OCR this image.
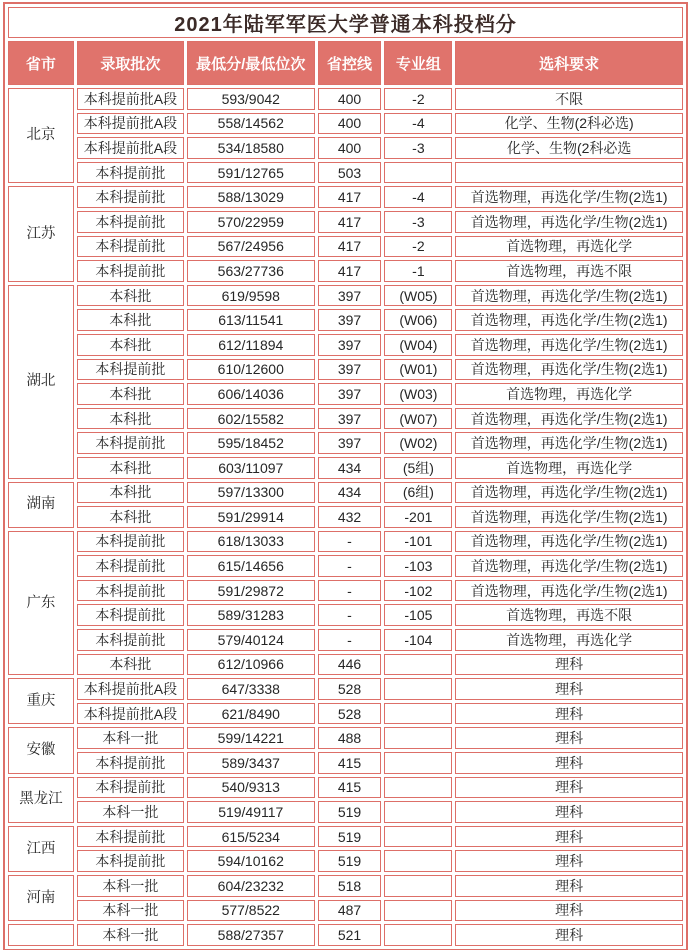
2021年陆军军医大学普通本科投档分					
省市	录取批次	最低分/最低位次	省控线	专业组	选科要求
北京	本科提前批A段	593/9042	400	-2	不限
	本科提前批A段	558/14562	400	-4	化学、生物(2科必选)
	本科提前批A段	534/18580	400	-3	化学、生物(2科必选
	本科提前批	591/12765	503		
江苏	本科提前批	588/13029	417	-4	首选物理，再选化学/生物(2选1)
	本科提前批	570/22959	417	-3	首选物理，再选化学/生物(2选1)
	本科提前批	567/24956	417	-2	首选物理，再选化学
	本科提前批	563/27736	417	-1	首选物理，再选不限
湖北	本科批	619/9598	397	(W05)	首选物理，再选化学/生物(2选1)
	本科批	613/11541	397	(W06)	首选物理，再选化学/生物(2选1)
	本科批	612/11894	397	(W04)	首选物理，再选化学/生物(2选1)
	本科提前批	610/12600	397	(W01)	首选物理，再选化学/生物(2选1)
	本科批	606/14036	397	(W03)	首选物理，再选化学
	本科批	602/15582	397	(W07)	首选物理，再选化学/生物(2选1)
	本科提前批	595/18452	397	(W02)	首选物理，再选化学/生物(2选1)
	本科批	603/11097	434	(5组)	首选物理，再选化学
湖南	本科批	597/13300	434	(6组)	首选物理，再选化学/生物(2选1)
	本科批	591/29914	432	-201	首选物理，再选化学/生物(2选1)
广东	本科提前批	618/13033	-	-101	首选物理，再选化学/生物(2选1)
	本科提前批	615/14656	-	-103	首选物理，再选化学/生物(2选1)
	本科提前批	591/29872	-	-102	首选物理，再选化学/生物(2选1)
	本科提前批	589/31283	-	-105	首选物理，再选不限
	本科提前批	579/40124	-	-104	首选物理，再选化学
	本科批	612/10966	446		理科
重庆	本科提前批A段	647/3338	528		理科
	本科提前批A段	621/8490	528		理科
安徽	本科一批	599/14221	488		理科
	本科提前批	589/3437	415		理科
黑龙江	本科提前批	540/9313	415		理科
	本科一批	519/49117	519		理科
江西	本科提前批	615/5234	519		理科
	本科提前批	594/10162	519		理科
河南	本科一批	604/23232	518		理科
	本科一批	577/8522	487		理科
	本科一批	588/27357	521		理科
